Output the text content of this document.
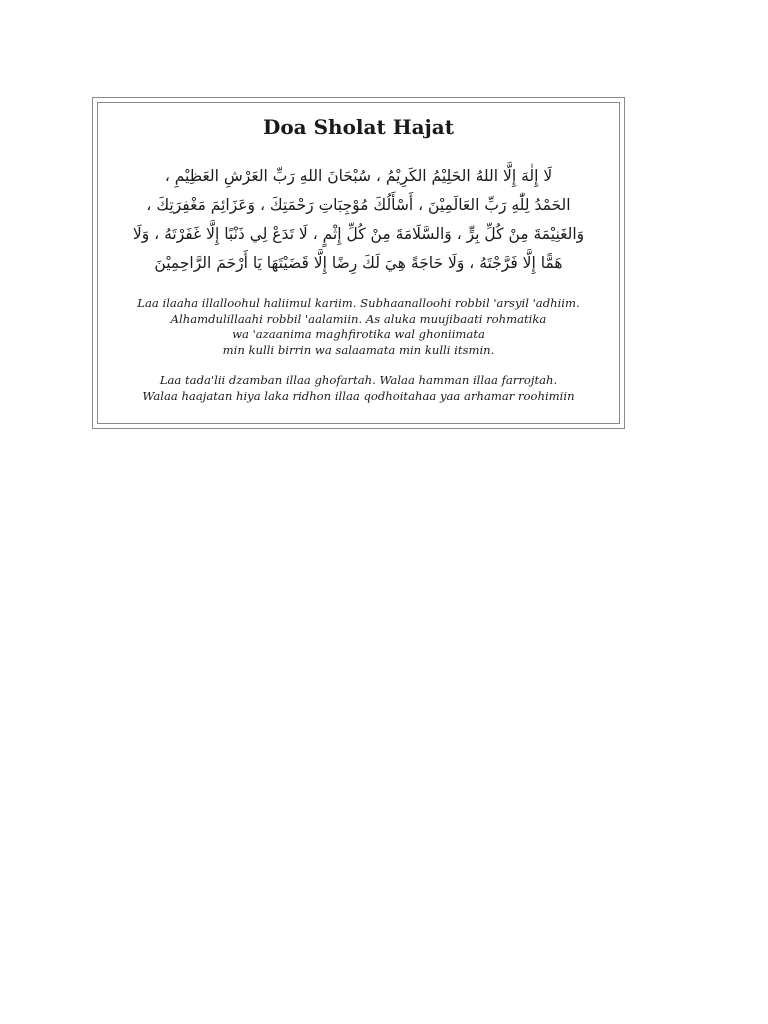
Doa Sholat Hajat
لَا إِلٰهَ إِلَّا اللهُ الحَلِيْمُ الكَرِيْمُ ، سُبْحَانَ اللهِ رَبِّ العَرْشِ العَظِيْمِ ،
الحَمْدُ لِلّٰهِ رَبِّ العَالَمِيْنَ ، أَسْأَلُكَ مُوْجِبَاتِ رَحْمَتِكَ ، وَعَزَائِمَ مَغْفِرَتِكَ ،
وَالغَنِيْمَةَ مِنْ كُلِّ بِرٍّ ، وَالسَّلَامَةَ مِنْ كُلِّ إِثْمٍ ، لَا تَدَعْ لِي ذَنْبًا إِلَّا غَفَرْتَهُ ، وَلَا
هَمًّا إِلَّا فَرَّجْتَهُ ، وَلَا حَاجَةً هِيَ لَكَ رِضًا إِلَّا قَضَيْتَهَا يَا أَرْحَمَ الرَّاحِمِيْنَ
Laa ilaaha illalloohul haliimul kariim. Subhaanalloohi robbil 'arsyil 'adhiim.
Alhamdulillaahi robbil 'aalamiin. As aluka muujibaati rohmatika
wa 'azaanima maghfirotika wal ghoniimata
min kulli birrin wa salaamata min kulli itsmin.
Laa tada'lii dzamban illaa ghofartah. Walaa hamman illaa farrojtah.
Walaa haajatan hiya laka ridhon illaa qodhoitahaa yaa arhamar roohimiin
